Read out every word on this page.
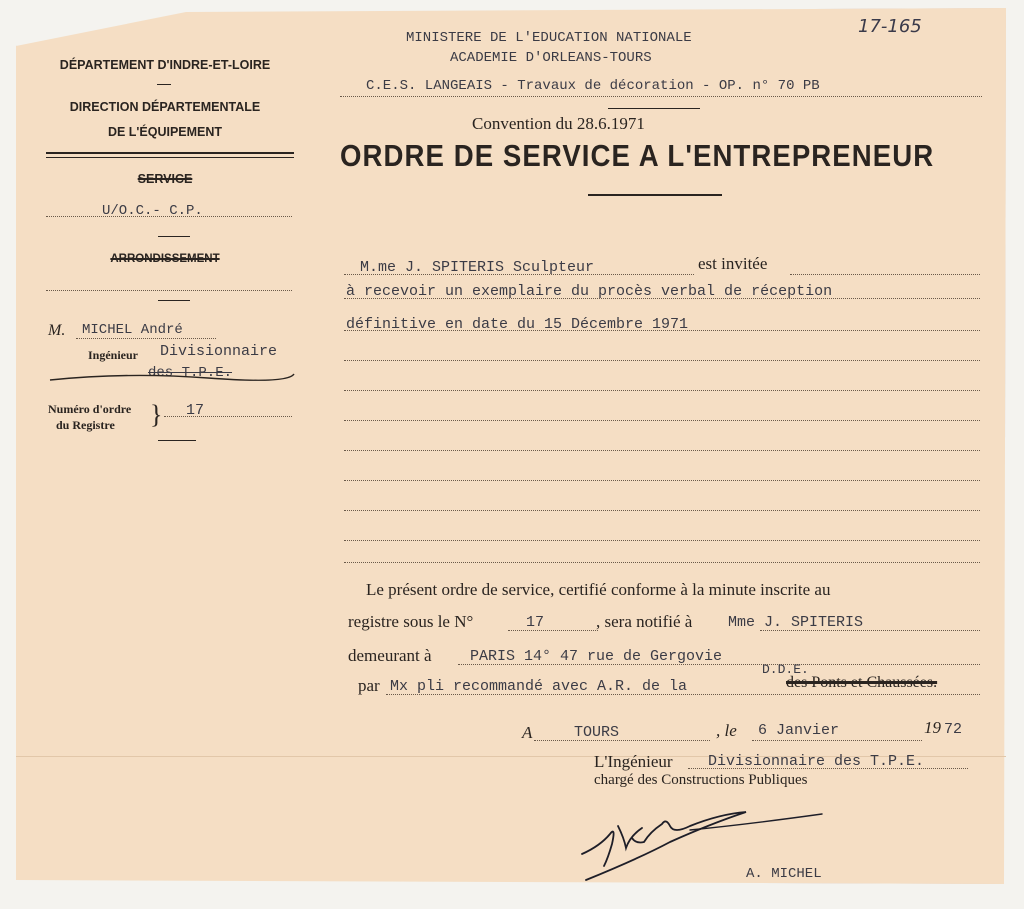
17-165
DÉPARTEMENT D'INDRE-ET-LOIRE
DIRECTION DÉPARTEMENTALE
DE L'ÉQUIPEMENT
SERVICE
U/O.C.- C.P.
ARRONDISSEMENT
M. MICHEL André
Ingénieur Divisionnaire
des T.P.E.
Numéro d'ordre
du Registre } 17
MINISTERE DE L'EDUCATION NATIONALE
ACADEMIE D'ORLEANS-TOURS
C.E.S. LANGEAIS - Travaux de décoration - OP. n° 70 PB
Convention du 28.6.1971
ORDRE DE SERVICE A L'ENTREPRENEUR
M.me J. SPITERIS Sculpteur	est invitée
à recevoir un exemplaire du procès verbal de réception
définitive en date du 15 Décembre 1971
Le présent ordre de service, certifié conforme à la minute inscrite au
registre sous le N°	17	, sera notifié à Mme J. SPITERIS
demeurant à	PARIS 14° 47 rue de Gergovie
par Mx pli recommandé avec A.R. de la
D.D.E.
des Ponts et Chaussées.
A	TOURS	, le 6 Janvier	19 72
L'Ingénieur Divisionnaire des T.P.E.
chargé des Constructions Publiques
A. MICHEL
